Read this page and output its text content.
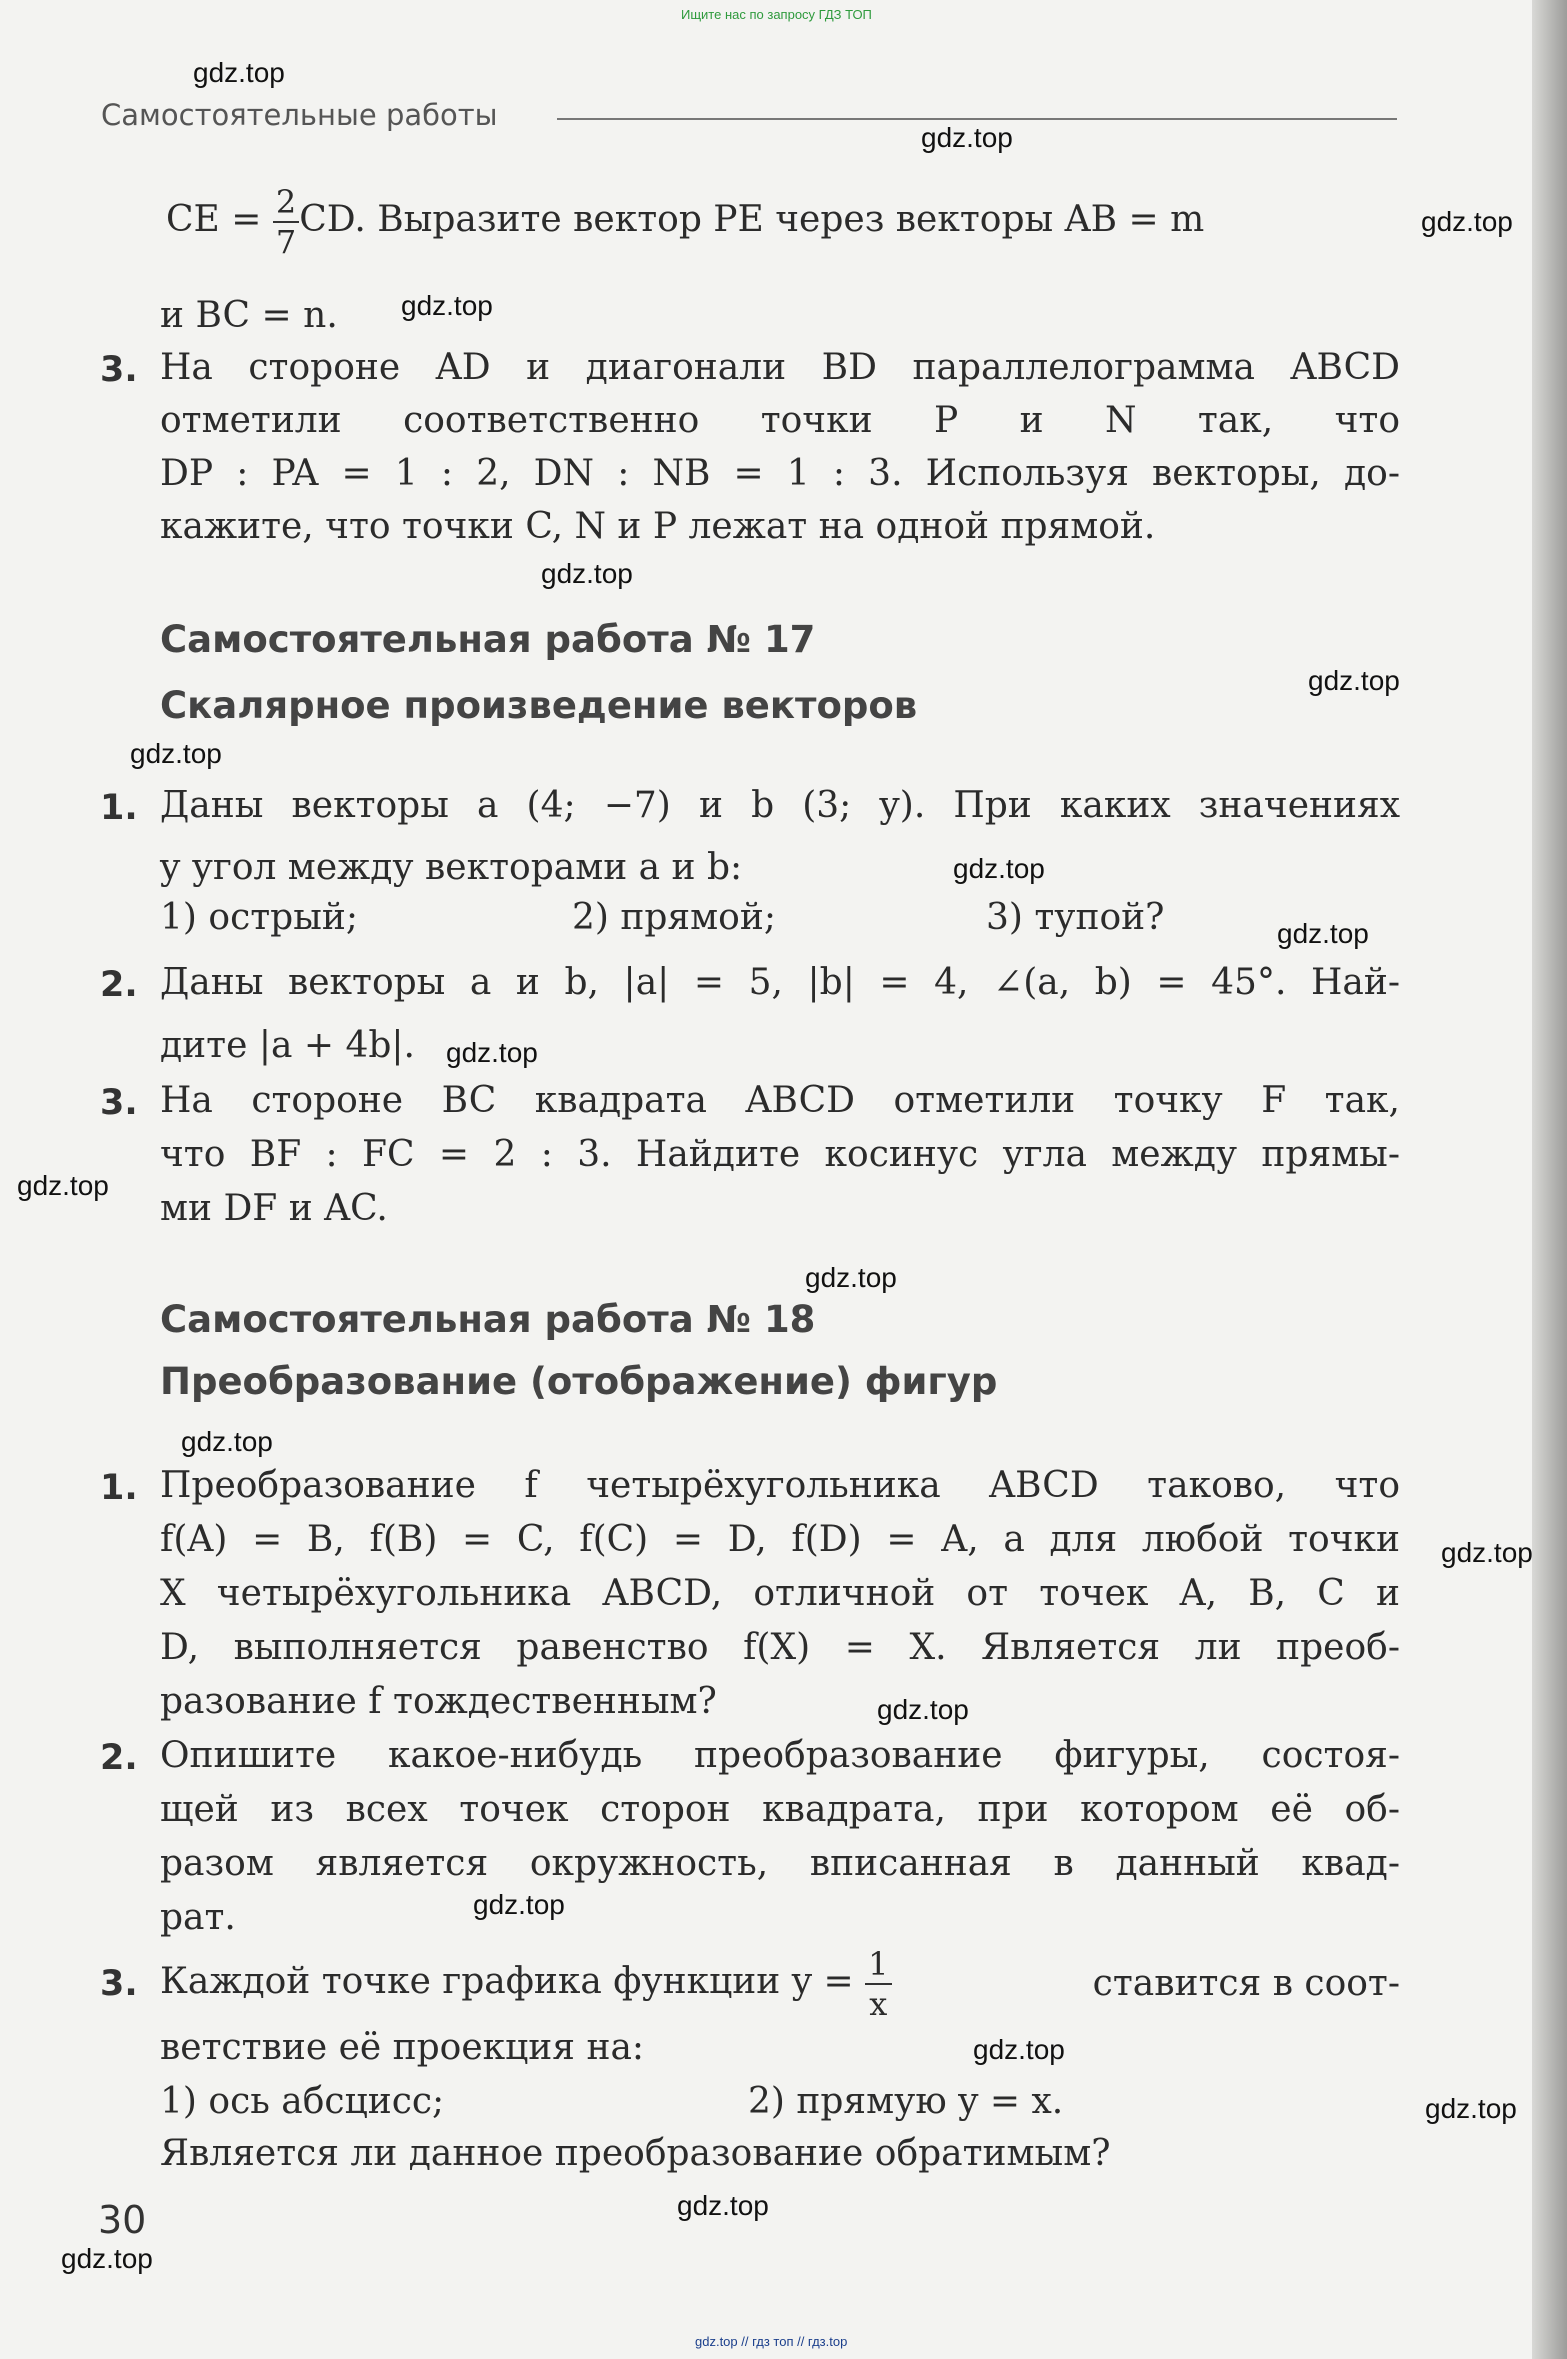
Ищите нас по запросу ГДЗ ТОП
Самостоятельные работы
CE = $\frac{2}{7}$ CD. Выразите вектор PE через векторы AB = m
и BC = n.
3. На стороне AD и диагонали BD параллелограмма ABCD
отметили соответственно точки P и N так, что
DP : PA = 1 : 2, DN : NB = 1 : 3. Используя векторы, до-
кажите, что точки C, N и P лежат на одной прямой.
Самостоятельная работа № 17
Скалярное произведение векторов
1. Даны векторы a (4; −7) и b (3; y). При каких значениях
y угол между векторами a и b:
1) острый;	2) прямой;	3) тупой?
2. Даны векторы a и b, |a| = 5, |b| = 4, ∠(a, b) = 45°. Най-
дите |a + 4b|.
3. На стороне BC квадрата ABCD отметили точку F так,
что BF : FC = 2 : 3. Найдите косинус угла между прямы-
ми DF и AC.
Самостоятельная работа № 18
Преобразование (отображение) фигур
1. Преобразование f четырёхугольника ABCD таково, что
f(A) = B, f(B) = C, f(C) = D, f(D) = A, а для любой точки
X четырёхугольника ABCD, отличной от точек A, B, C и
D, выполняется равенство f(X) = X. Является ли преоб-
разование f тождественным?
2. Опишите какое-нибудь преобразование фигуры, состоя-
щей из всех точек сторон квадрата, при котором её об-
разом является окружность, вписанная в данный квад-
рат.
3. Каждой точке графика функции $y = \frac{1}{x}$	ставится в соот-
ветствие её проекция на:
1) ось абсцисс;	2) прямую y = x.
Является ли данное преобразование обратимым?
30
gdz.top
gdz.top
gdz.top
gdz.top
gdz.top
gdz.top
gdz.top
gdz.top
gdz.top
gdz.top
gdz.top
gdz.top
gdz.top
gdz.top
gdz.top
gdz.top
gdz.top
gdz.top
gdz.top
gdz.top
gdz.top // гдз топ // гдз.top
